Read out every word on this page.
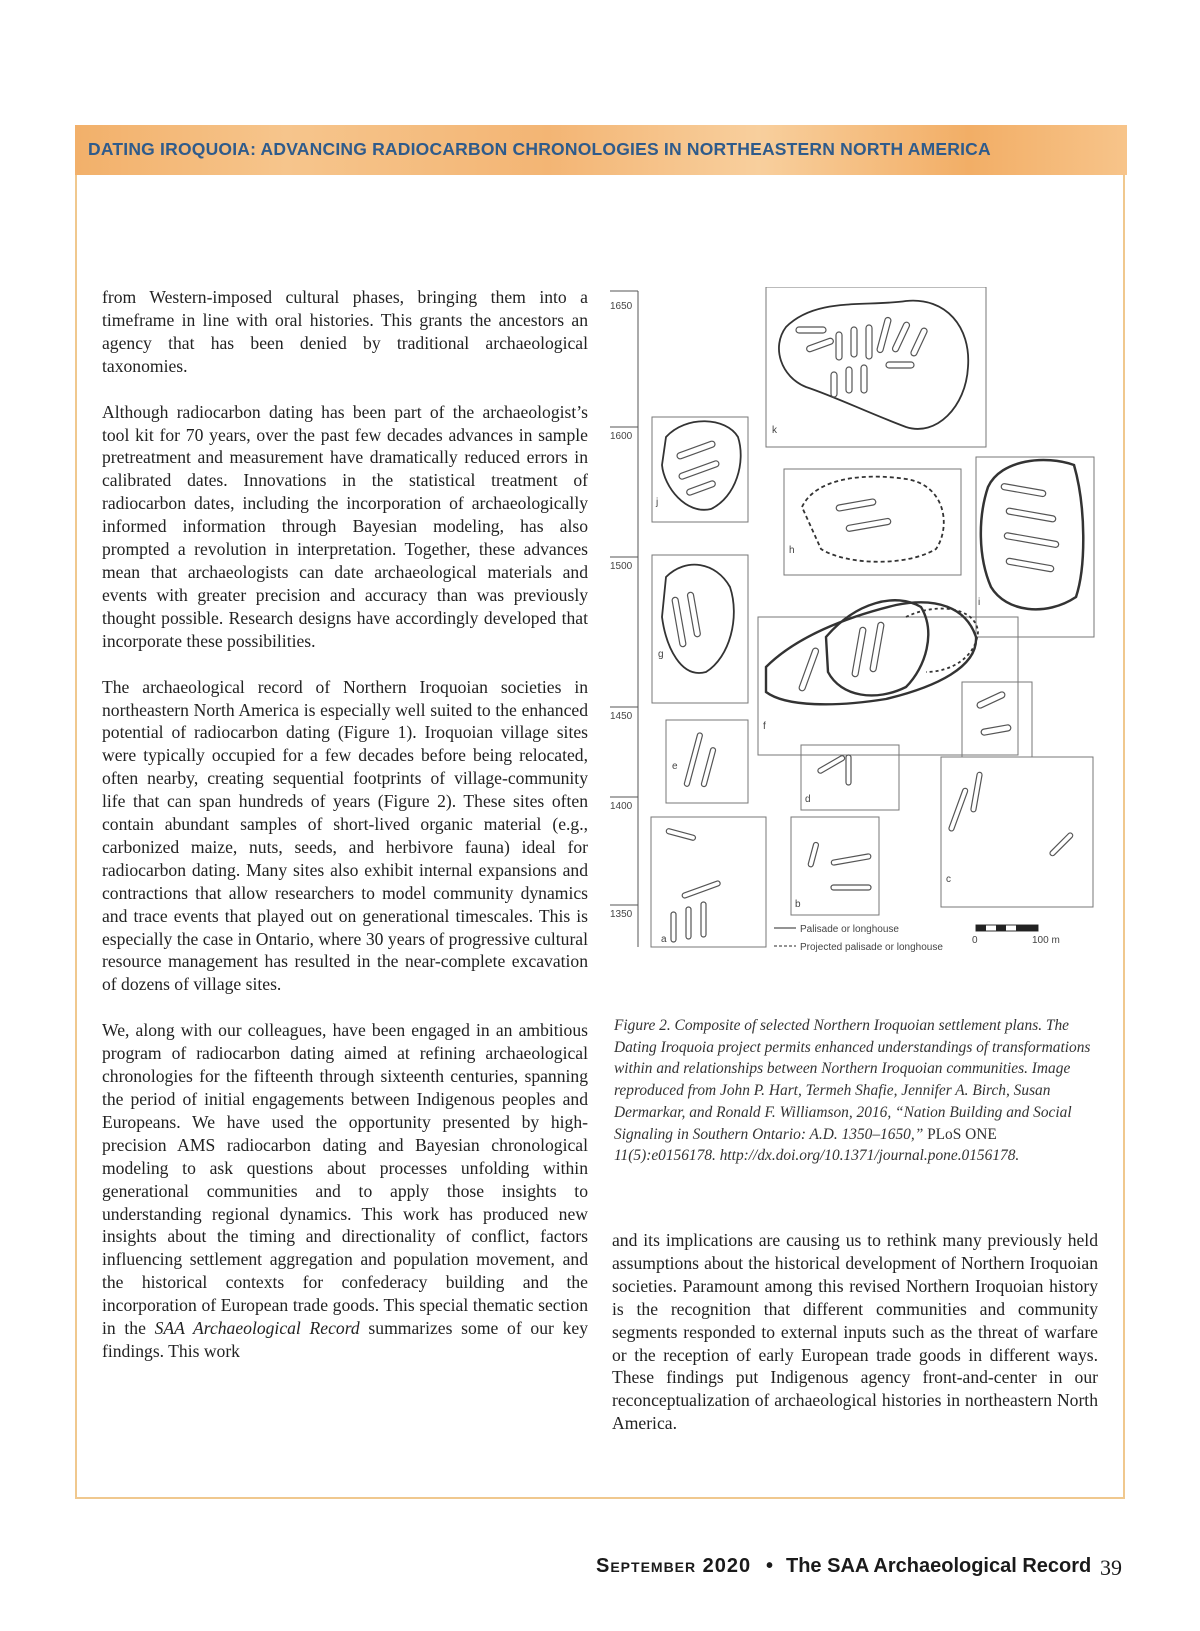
DATING IROQUOIA: ADVANCING RADIOCARBON CHRONOLOGIES IN NORTHEASTERN NORTH AMERICA

from Western-imposed cultural phases, bringing them into a timeframe in line with oral histories. This grants the ancestors an agency that has been denied by traditional archaeological taxonomies.

Although radiocarbon dating has been part of the archaeologist’s tool kit for 70 years, over the past few decades advances in sample pretreatment and measurement have dramatically reduced errors in calibrated dates. Innovations in the statistical treatment of radiocarbon dates, including the incorporation of archaeologically informed information through Bayesian modeling, has also prompted a revolution in interpretation. Together, these advances mean that archaeologists can date archaeological materials and events with greater precision and accuracy than was previously thought possible. Research designs have accordingly developed that incorporate these possibilities.

The archaeological record of Northern Iroquoian societies in northeastern North America is especially well suited to the enhanced potential of radiocarbon dating (Figure 1). Iroquoian village sites were typically occupied for a few decades before being relocated, often nearby, creating sequential footprints of village-community life that can span hundreds of years (Figure 2). These sites often contain abundant samples of short-lived organic material (e.g., carbonized maize, nuts, seeds, and herbivore fauna) ideal for radiocarbon dating. Many sites also exhibit internal expansions and contractions that allow researchers to model community dynamics and trace events that played out on generational timescales. This is especially the case in Ontario, where 30 years of progressive cultural resource management has resulted in the near-complete excavation of dozens of village sites.

We, along with our colleagues, have been engaged in an ambitious program of radiocarbon dating aimed at refining archaeological chronologies for the fifteenth through sixteenth centuries, spanning the period of initial engagements between Indigenous peoples and Europeans. We have used the opportunity presented by high-precision AMS radiocarbon dating and Bayesian chronological modeling to ask questions about processes unfolding within generational communities and to apply those insights to understanding regional dynamics. This work has produced new insights about the timing and directionality of conflict, factors influencing settlement aggregation and population movement, and the historical contexts for confederacy building and the incorporation of European trade goods. This special thematic section in the SAA Archaeological Record summarizes some of our key findings. This work

1650
1600
1500
1450
1400
1350
a
b
c
d
e
f
g
h
i
j
k
Palisade or longhouse
Projected palisade or longhouse
0	100 m
Figure 2. Composite of selected Northern Iroquoian settlement plans. The Dating Iroquoia project permits enhanced understandings of transformations within and relationships between Northern Iroquoian communities. Image reproduced from John P. Hart, Termeh Shafie, Jennifer A. Birch, Susan Dermarkar, and Ronald F. Williamson, 2016, “Nation Building and Social Signaling in Southern Ontario: A.D. 1350–1650,” PLoS ONE 11(5):e0156178. http://dx.doi.org/10.1371/journal.pone.0156178.

and its implications are causing us to rethink many previously held assumptions about the historical development of Northern Iroquoian societies. Paramount among this revised Northern Iroquoian history is the recognition that different communities and community segments responded to external inputs such as the threat of warfare or the reception of early European trade goods in different ways. These findings put Indigenous agency front-and-center in our reconceptualization of archaeological histories in northeastern North America.

September 2020 • The SAA Archaeological Record 39
